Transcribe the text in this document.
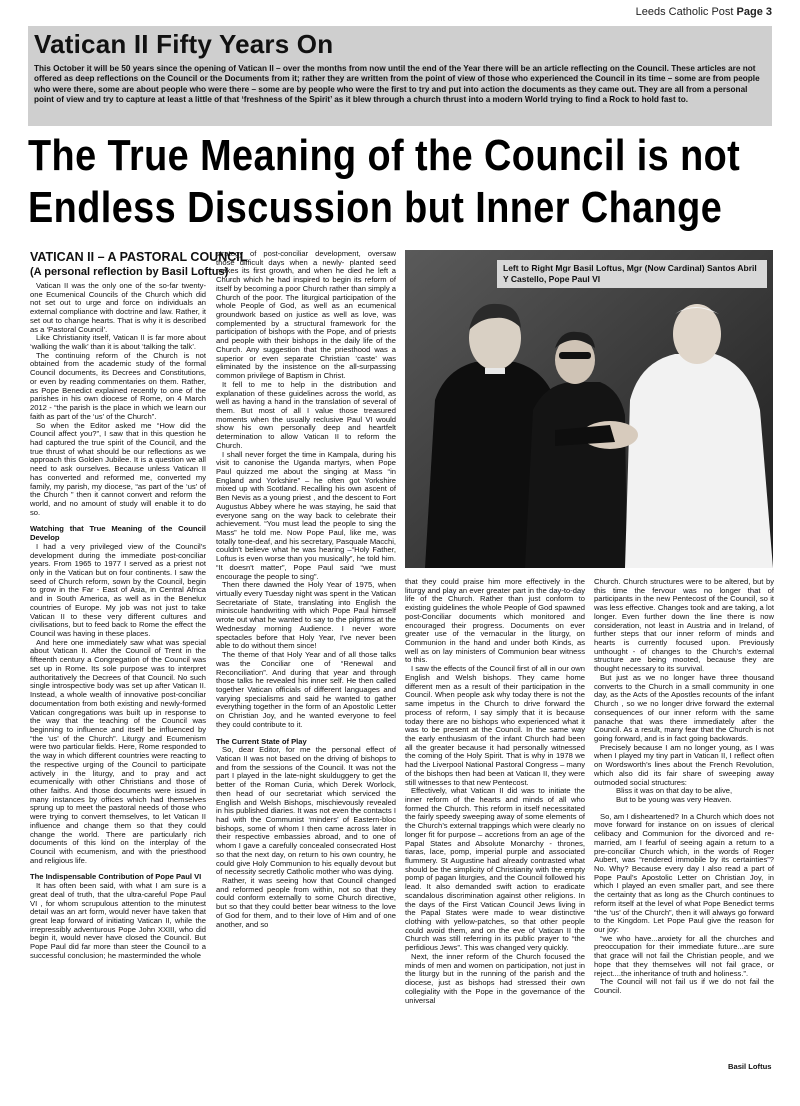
Leeds Catholic Post Page 3
Vatican II Fifty Years On

This October it will be 50 years since the opening of Vatican II – over the months from now until the end of the Year there will be an article reflecting on the Council. These articles are not offered as deep reflections on the Council or the Documents from it; rather they are written from the point of view of those who experienced the Council in its time – some are from people who were there, some are about people who were there – some are by people who were the first to try and put into action the documents as they came out. They are all from a personal point of view and try to capture at least a little of that ‘freshness of the Spirit’ as it blew through a church thrust into a modern World trying to find a Rock to hold fast to.

The True Meaning of the Council is not
Endless Discussion but Inner Change
VATICAN II – A PASTORAL COUNCIL
(A personal reflection by Basil Loftus)

Vatican II was the only one of the so-far twenty-one Ecumenical Councils of the Church which did not set out to urge and force on individuals an external compliance with doctrine and law. Rather, it set out to change hearts. That is why it is described as a ‘Pastoral Council’.

Like Christianity itself, Vatican II is far more about ‘walking the walk’ than it is about ‘talking the talk’.

The continuing reform of the Church is not obtained from the academic study of the formal Council documents, its Decrees and Constitutions, or even by reading commentaries on them. Rather, as Pope Benedict explained recently to one of the parishes in his own diocese of Rome, on 4 March 2012 - “the parish is the place in which we learn our faith as part of the ‘us’ of the Church”.

So when the Editor asked me “How did the Council affect you?”, I saw that in this question he had captured the true spirit of the Council, and the true thrust of what should be our reflections as we approach this Golden Jubilee. It is a question we all need to ask ourselves. Because unless Vatican II has converted and reformed me, converted my family, my parish, my diocese, “as part of the ‘us’ of the Church ” then it cannot convert and reform the world, and no amount of study will enable it to do so.

Watching that True Meaning of the Council Develop

I had a very privileged view of the Council's development during the immediate post-conciliar years. From 1965 to 1977 I served as a priest not only in the Vatican but on four continents. I saw the seed of Church reform, sown by the Council, begin to grow in the Far - East of Asia, in Central Africa and in South America, as well as in the Benelux countries of Europe. My job was not just to take Vatican II to these very different cultures and civilisations, but to feed back to Rome the effect the Council was having in these places.

And here one immediately saw what was special about Vatican II. After the Council of Trent in the fifteenth century a Congregation of the Council was set up in Rome. Its sole purpose was to interpret authoritatively the Decrees of that Council. No such single introspective body was set up after Vatican II. Instead, a whole wealth of innovative post-conciliar documentation from both existing and newly-formed Vatican congregations was built up in response to the way that the teaching of the Council was beginning to influence and itself be influenced by “the ‘us’ of the Church”. Liturgy and Ecumenism were two particular fields. Here, Rome responded to the way in which different countries were reacting to the respective urging of the Council to participate actively in the liturgy, and to pray and act ecumenically with other Christians and those of other faiths. And those documents were issued in many instances by offices which had themselves sprung up to meet the pastoral needs of those who were trying to convert themselves, to let Vatican II influence and change them so that they could change the world. There are particularly rich documents of this kind on the interplay of the Council with ecumenism, and with the priesthood and religious life.

The Indispensable Contribution of Pope Paul VI

It has often been said, with what I am sure is a great deal of truth, that the ultra-careful Pope Paul VI , for whom scrupulous attention to the minutest detail was an art form, would never have taken that great leap forward of initiating Vatican II, while the irrepressibly adventurous Pope John XXIII, who did begin it, would never have closed the Council. But Pope Paul did far more than steer the Council to a successful conclusion; he masterminded the whole

strategy of post-conciliar development, oversaw those difficult days when a newly- planted seed makes its first growth, and when he died he left a Church which he had inspired to begin its reform of itself by becoming a poor Church rather than simply a Church of the poor. The liturgical participation of the whole People of God, as well as an ecumenical groundwork based on justice as well as love, was complemented by a structural framework for the participation of bishops with the Pope, and of priests and people with their bishops in the daily life of the Church. Any suggestion that the priesthood was a superior or even separate Christian ‘caste’ was eliminated by the insistence on the all-surpassing common privilege of Baptism in Christ.

It fell to me to help in the distribution and explanation of these guidelines across the world, as well as having a hand in the translation of several of them. But most of all I value those treasured moments when the usually reclusive Paul VI would show his own personally deep and heartfelt determination to allow Vatican II to reform the Church.

I shall never forget the time in Kampala, during his visit to canonise the Uganda martyrs, when Pope Paul quizzed me about the singing at Mass “in England and Yorkshire” – he often got Yorkshire mixed up with Scotland. Recalling his own ascent of Ben Nevis as a young priest , and the descent to Fort Augustus Abbey where he was staying, he said that everyone sang on the way back to celebrate their achievement. “You must lead the people to sing the Mass” he told me. Now Pope Paul, like me, was totally tone-deaf, and his secretary, Pasquale Macchi, couldn't believe what he was hearing –“Holy Father, Loftus is even worse than you musically”, he told him. “It doesn't matter”, Pope Paul said “we must encourage the people to sing”.

Then there dawned the Holy Year of 1975, when virtually every Tuesday night was spent in the Vatican Secretariate of State, translating into English the miniscule handwriting with which Pope Paul himself wrote out what he wanted to say to the pilgrims at the Wednesday morning Audience. I never wore spectacles before that Holy Year, I've never been able to do without them since!

The theme of that Holy Year and of all those talks was the Conciliar one of “Renewal and Reconciliation”. And during that year and through those talks he revealed his inner self. He then called together Vatican officials of different languages and varying specialisms and said he wanted to gather everything together in the form of an Apostolic Letter on Christian Joy, and he wanted everyone to feel they could contribute to it.

The Current State of Play

So, dear Editor, for me the personal effect of Vatican II was not based on the driving of bishops to and from the sessions of the Council. It was not the part I played in the late-night skulduggery to get the better of the Roman Curia, which Derek Worlock, then head of our secretariat which serviced the English and Welsh Bishops, mischievously revealed in his published diaries. It was not even the contacts I had with the Communist ‘minders’ of Eastern-bloc bishops, some of whom I then came across later in their respective embassies abroad, and to one of whom I gave a carefully concealed consecrated Host so that the next day, on return to his own country, he could give Holy Communion to his equally devout but of necessity secretly Catholic mother who was dying.

Rather, it was seeing how that Council changed and reformed people from within, not so that they could conform externally to some Church directive, but so that they could better bear witness to the love of God for them, and to their love of Him and of one another, and so

Left to Right Mgr Basil Loftus, Mgr (Now Cardinal) Santos Abril Y Castello, Pope Paul VI

that they could praise him more effectively in the liturgy and play an ever greater part in the day-to-day life of the Church. Rather than just conform to existing guidelines the whole People of God spawned post-Conciliar documents which monitored and encouraged their progress. Documents on ever greater use of the vernacular in the liturgy, on Communion in the hand and under both Kinds, as well as on lay ministers of Communion bear witness to this.

I saw the effects of the Council first of all in our own English and Welsh bishops. They came home different men as a result of their participation in the Council. When people ask why today there is not the same impetus in the Church to drive forward the process of reform, I say simply that it is because today there are no bishops who experienced what it was to be present at the Council. In the same way the early enthusiasm of the infant Church had been all the greater because it had personally witnessed the coming of the Holy Spirit. That is why in 1978 we had the Liverpool National Pastoral Congress – many of the bishops then had been at Vatican II, they were still witnesses to that new Pentecost.

Effectively, what Vatican II did was to initiate the inner reform of the hearts and minds of all who formed the Church. This reform in itself necessitated the fairly speedy sweeping away of some elements of the Church’s external trappings which were clearly no longer fit for purpose – accretions from an age of the Papal States and Absolute Monarchy - thrones, tiaras, lace, pomp, imperial purple and associated flummery. St Augustine had already contrasted what should be the simplicity of Christianity with the empty pomp of pagan liturgies, and the Council followed his lead. It also demanded swift action to eradicate scandalous discrimination against other religions. In the days of the First Vatican Council Jews living in the Papal States were made to wear distinctive clothing with yellow-patches, so that other people could avoid them, and on the eve of Vatican II the Church was still referring in its public prayer to “the perfidious Jews”. This was changed very quickly.

Next, the inner reform of the Church focused the minds of men and women on participation, not just in the liturgy but in the running of the parish and the diocese, just as bishops had stressed their own collegiality with the Pope in the governance of the universal

Church. Church structures were to be altered, but by this time the fervour was no longer that of participants in the new Pentecost of the Council, so it was less effective. Changes took and are taking, a lot longer. Even further down the line there is now consideration, not least in Austria and in Ireland, of further steps that our inner reform of minds and hearts is currently focused upon. Previously unthought - of changes to the Church’s external structure are being mooted, because they are thought necessary to its survival.

But just as we no longer have three thousand converts to the Church in a small community in one day, as the Acts of the Apostles recounts of the infant Church , so we no longer drive forward the external consequences of our inner reform with the same panache that was there immediately after the Council. As a result, many fear that the Church is not going forward, and is in fact going backwards.

Precisely because I am no longer young, as I was when I played my tiny part in Vatican II, I reflect often on Wordsworth’s lines about the French Revolution, which also did its fair share of sweeping away outmoded social structures:

Bliss it was on that day to be alive,

But to be young was very Heaven.

So, am I disheartened? In a Church which does not move forward for instance on on issues of clerical celibacy and Communion for the divorced and re-married, am I fearful of seeing again a return to a pre-conciliar Church which, in the words of Roger Aubert, was “rendered immobile by its certainties”? No. Why? Because every day I also read a part of Pope Paul’s Apostolic Letter on Christian Joy, in which I played an even smaller part, and see there the certainty that as long as the Church continues to reform itself at the level of what Pope Benedict terms “the ‘us’ of the Church”, then it will always go forward to the Kingdom. Let Pope Paul give the reason for our joy:

“we who have...anxiety for all the churches and preoccupation for their immediate future...are sure that grace will not fail the Christian people, and we hope that they themselves will not fail grace, or reject....the inheritance of truth and holiness.”.

The Council will not fail us if we do not fail the Council.

Basil Loftus
